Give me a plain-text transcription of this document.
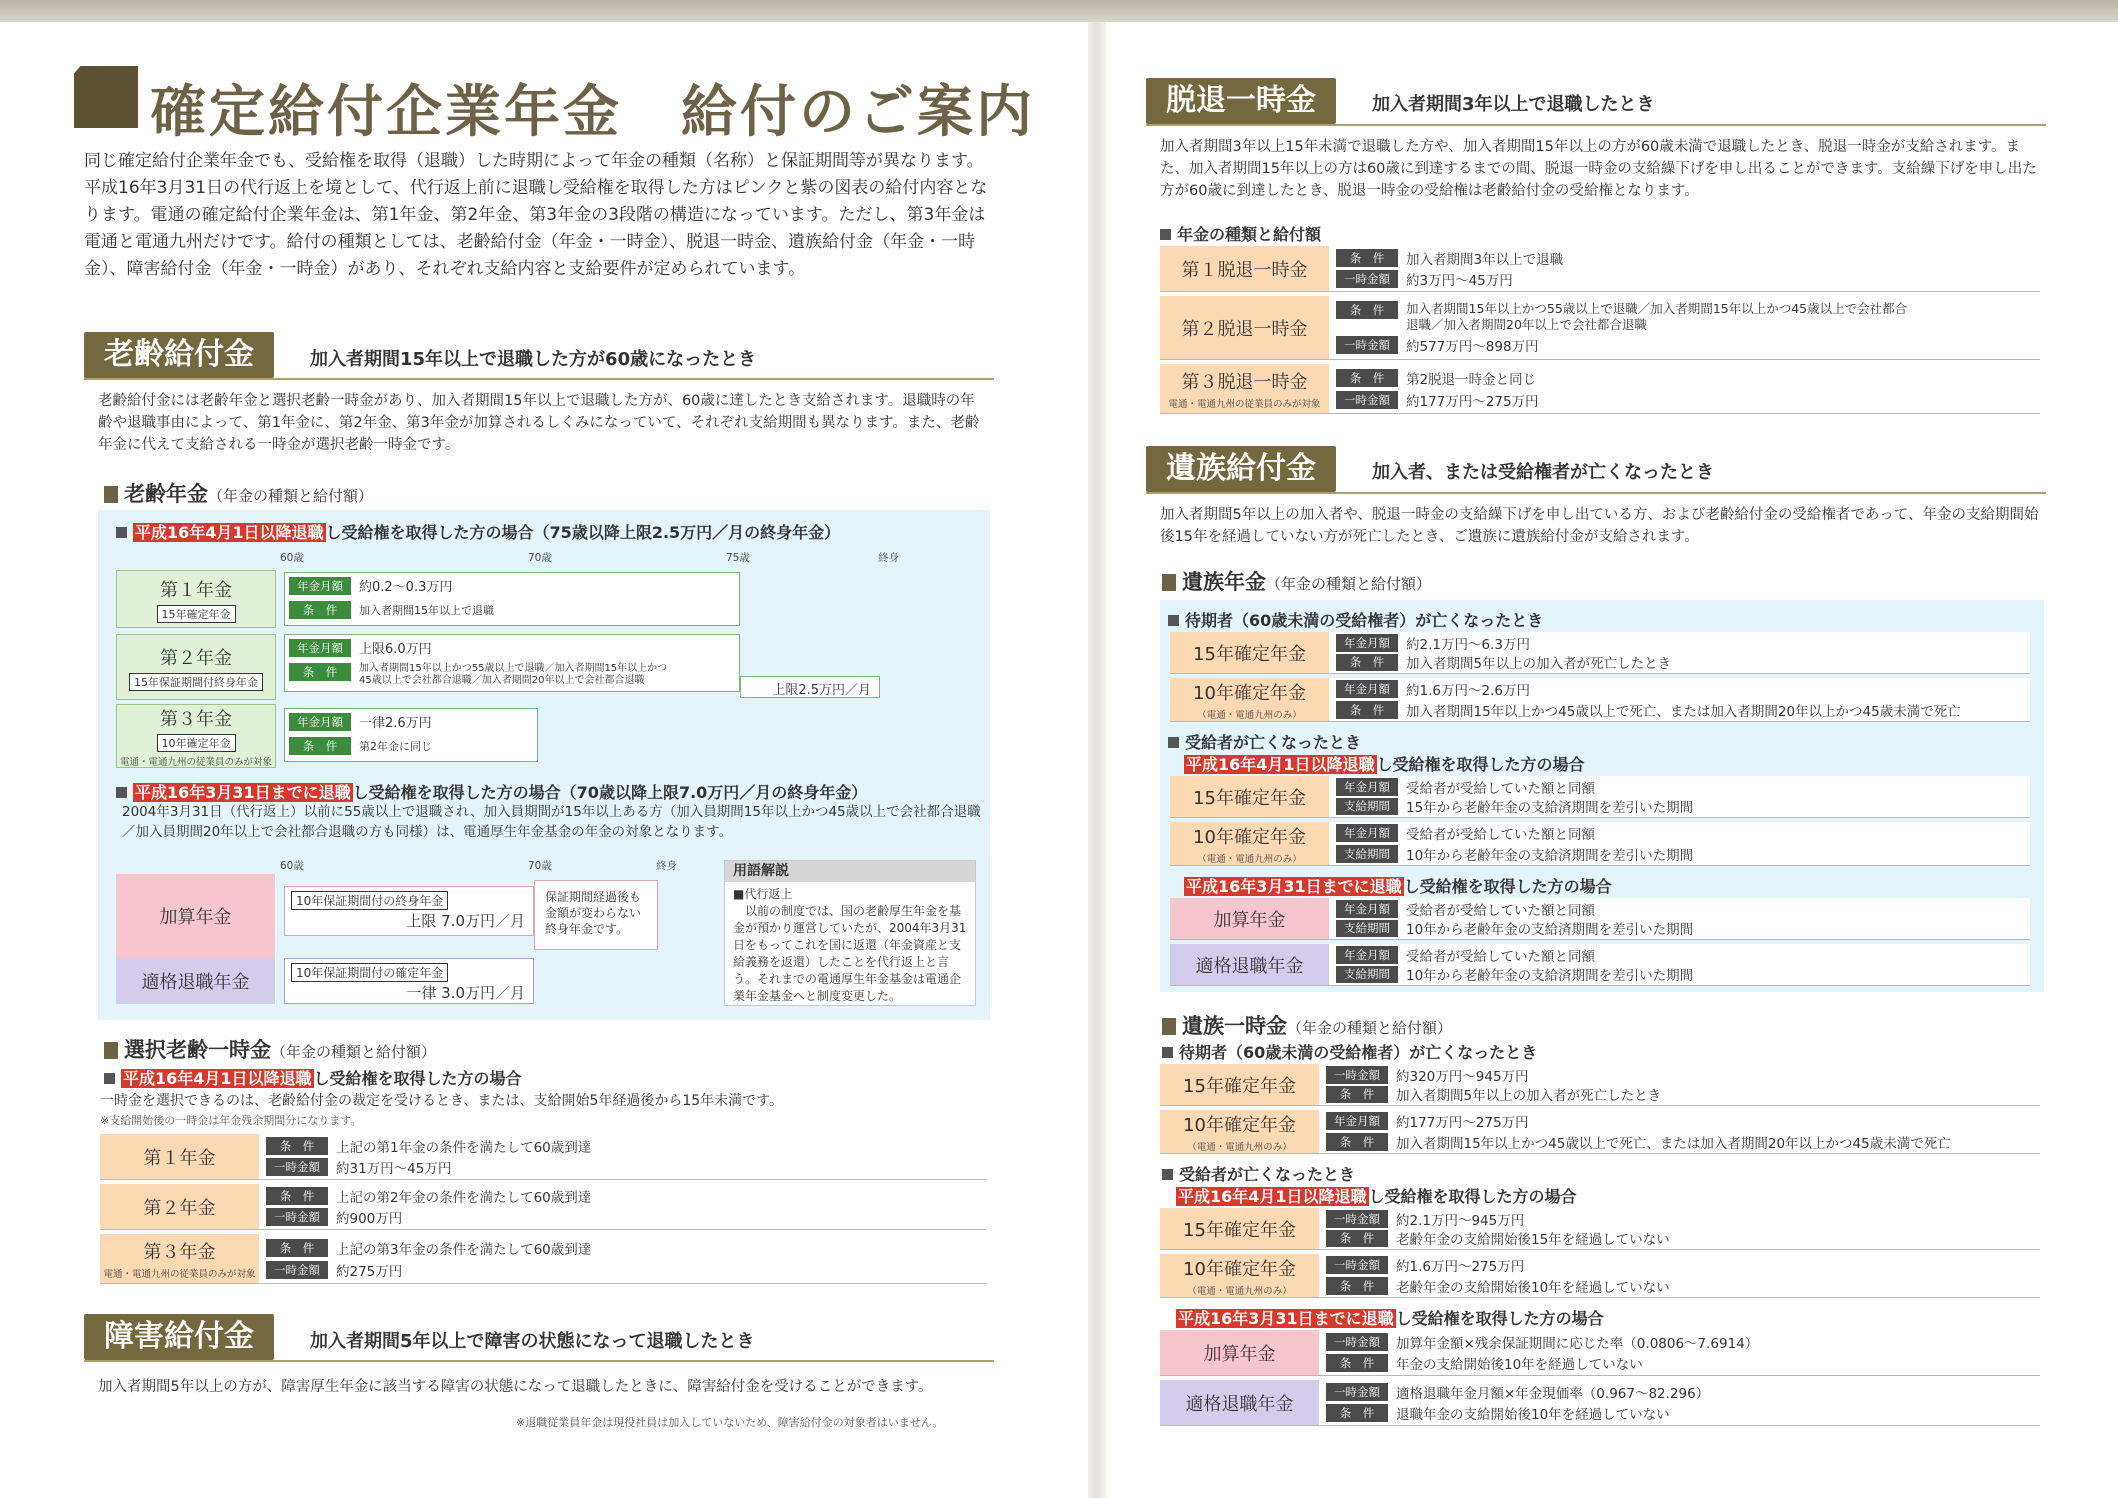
確定給付企業年金　給付のご案内
同じ確定給付企業年金でも、受給権を取得（退職）した時期によって年金の種類（名称）と保証期間等が異なります。平成16年3月31日の代行返上を境として、代行返上前に退職し受給権を取得した方はピンクと紫の図表の給付内容となります。電通の確定給付企業年金は、第1年金、第2年金、第3年金の3段階の構造になっています。ただし、第3年金は電通と電通九州だけです。給付の種類としては、老齢給付金（年金・一時金）、脱退一時金、遺族給付金（年金・一時金）、障害給付金（年金・一時金）があり、それぞれ支給内容と支給要件が定められています。
老齢給付金	加入者期間15年以上で退職した方が60歳になったとき
老齢給付金には老齢年金と選択老齢一時金があり、加入者期間15年以上で退職した方が、60歳に達したとき支給されます。退職時の年齢や退職事由によって、第1年金に、第2年金、第3年金が加算されるしくみになっていて、それぞれ支給期間も異なります。また、老齢年金に代えて支給される一時金が選択老齢一時金です。
老齢年金（年金の種類と給付額）
平成16年4月1日以降退職 し受給権を取得した方の場合（75歳以降上限2.5万円／月の終身年金）
60歳	70歳	75歳	終身
第１年金
15年確定年金
年金月額	約0.2～0.3万円
条　件	加入者期間15年以上で退職
第２年金
15年保証期間付終身年金
年金月額	上限6.0万円
条　件	加入者期間15年以上かつ55歳以上で退職／加入者期間15年以上かつ
45歳以上で会社都合退職／加入者期間20年以上で会社都合退職
上限2.5万円／月
第３年金
10年確定年金
電通・電通九州の従業員のみが対象
年金月額	一律2.6万円
条　件	第2年金に同じ
平成16年3月31日までに退職 し受給権を取得した方の場合（70歳以降上限7.0万円／月の終身年金）
2004年3月31日（代行返上）以前に55歳以上で退職され、加入員期間が15年以上ある方（加入員期間15年以上かつ45歳以上で会社都合退職／加入員期間20年以上で会社都合退職の方も同様）は、電通厚生年金基金の年金の対象となります。
60歳	70歳	終身
加算年金
10年保証期間付の終身年金
上限 7.0万円／月
保証期間経過後も
金額が変わらない
終身年金です。
適格退職年金	10年保証期間付の確定年金
一律 3.0万円／月
用語解説
■代行返上
　以前の制度では、国の老齢厚生年金を基金が預かり運営していたが、2004年3月31日をもってこれを国に返還（年金資産と支給義務を返還）したことを代行返上と言う。それまでの電通厚生年金基金は電通企業年金基金へと制度変更した。
選択老齢一時金（年金の種類と給付額）
平成16年4月1日以降退職 し受給権を取得した方の場合
一時金を選択できるのは、老齢給付金の裁定を受けるとき、または、支給開始5年経過後から15年未満です。
※支給開始後の一時金は年金残余期間分になります。
第１年金
条　件	上記の第1年金の条件を満たして60歳到達
一時金額	約31万円～45万円
第２年金
条　件	上記の第2年金の条件を満たして60歳到達
一時金額	約900万円
第３年金
電通・電通九州の従業員のみが対象
条　件	上記の第3年金の条件を満たして60歳到達
一時金額	約275万円
障害給付金	加入者期間5年以上で障害の状態になって退職したとき
加入者期間5年以上の方が、障害厚生年金に該当する障害の状態になって退職したときに、障害給付金を受けることができます。
※退職従業員年金は現役社員は加入していないため、障害給付金の対象者はいません。
脱退一時金	加入者期間3年以上で退職したとき
加入者期間3年以上15年未満で退職した方や、加入者期間15年以上の方が60歳未満で退職したとき、脱退一時金が支給されます。また、加入者期間15年以上の方は60歳に到達するまでの間、脱退一時金の支給繰下げを申し出ることができます。支給繰下げを申し出た方が60歳に到達したとき、脱退一時金の受給権は老齢給付金の受給権となります。
年金の種類と給付額
第１脱退一時金
条　件	加入者期間3年以上で退職
一時金額	約3万円～45万円
第２脱退一時金
条　件	加入者期間15年以上かつ55歳以上で退職／加入者期間15年以上かつ45歳以上で会社都合
退職／加入者期間20年以上で会社都合退職
一時金額	約577万円～898万円
第３脱退一時金
電通・電通九州の従業員のみが対象
条　件	第2脱退一時金と同じ
一時金額	約177万円～275万円
遺族給付金	加入者、または受給権者が亡くなったとき
加入者期間5年以上の加入者や、脱退一時金の支給繰下げを申し出ている方、および老齢給付金の受給権者であって、年金の支給期間始後15年を経過していない方が死亡したとき、ご遺族に遺族給付金が支給されます。
遺族年金（年金の種類と給付額）
待期者（60歳未満の受給権者）が亡くなったとき
15年確定年金
年金月額	約2.1万円～6.3万円
条　件	加入者期間5年以上の加入者が死亡したとき
10年確定年金
（電通・電通九州のみ）
年金月額	約1.6万円～2.6万円
条　件	加入者期間15年以上かつ45歳以上で死亡、または加入者期間20年以上かつ45歳未満で死亡
受給者が亡くなったとき
平成16年4月1日以降退職 し受給権を取得した方の場合
15年確定年金
年金月額	受給者が受給していた額と同額
支給期間	15年から老齢年金の支給済期間を差引いた期間
10年確定年金
（電通・電通九州のみ）
年金月額	受給者が受給していた額と同額
支給期間	10年から老齢年金の支給済期間を差引いた期間
平成16年3月31日までに退職 し受給権を取得した方の場合
加算年金
年金月額	受給者が受給していた額と同額
支給期間	10年から老齢年金の支給済期間を差引いた期間
適格退職年金
年金月額	受給者が受給していた額と同額
支給期間	10年から老齢年金の支給済期間を差引いた期間
遺族一時金（年金の種類と給付額）
待期者（60歳未満の受給権者）が亡くなったとき
15年確定年金
一時金額	約320万円～945万円
条　件	加入者期間5年以上の加入者が死亡したとき
10年確定年金
（電通・電通九州のみ）
年金月額	約177万円～275万円
条　件	加入者期間15年以上かつ45歳以上で死亡、または加入者期間20年以上かつ45歳未満で死亡
受給者が亡くなったとき
平成16年4月1日以降退職 し受給権を取得した方の場合
15年確定年金
一時金額	約2.1万円～945万円
条　件	老齢年金の支給開始後15年を経過していない
10年確定年金
（電通・電通九州のみ）
一時金額	約1.6万円～275万円
条　件	老齢年金の支給開始後10年を経過していない
平成16年3月31日までに退職 し受給権を取得した方の場合
加算年金
一時金額	加算年金額×残余保証期間に応じた率（0.0806～7.6914）
条　件	年金の支給開始後10年を経過していない
適格退職年金
一時金額	適格退職年金月額×年金現価率（0.967～82.296）
条　件	退職年金の支給開始後10年を経過していない
